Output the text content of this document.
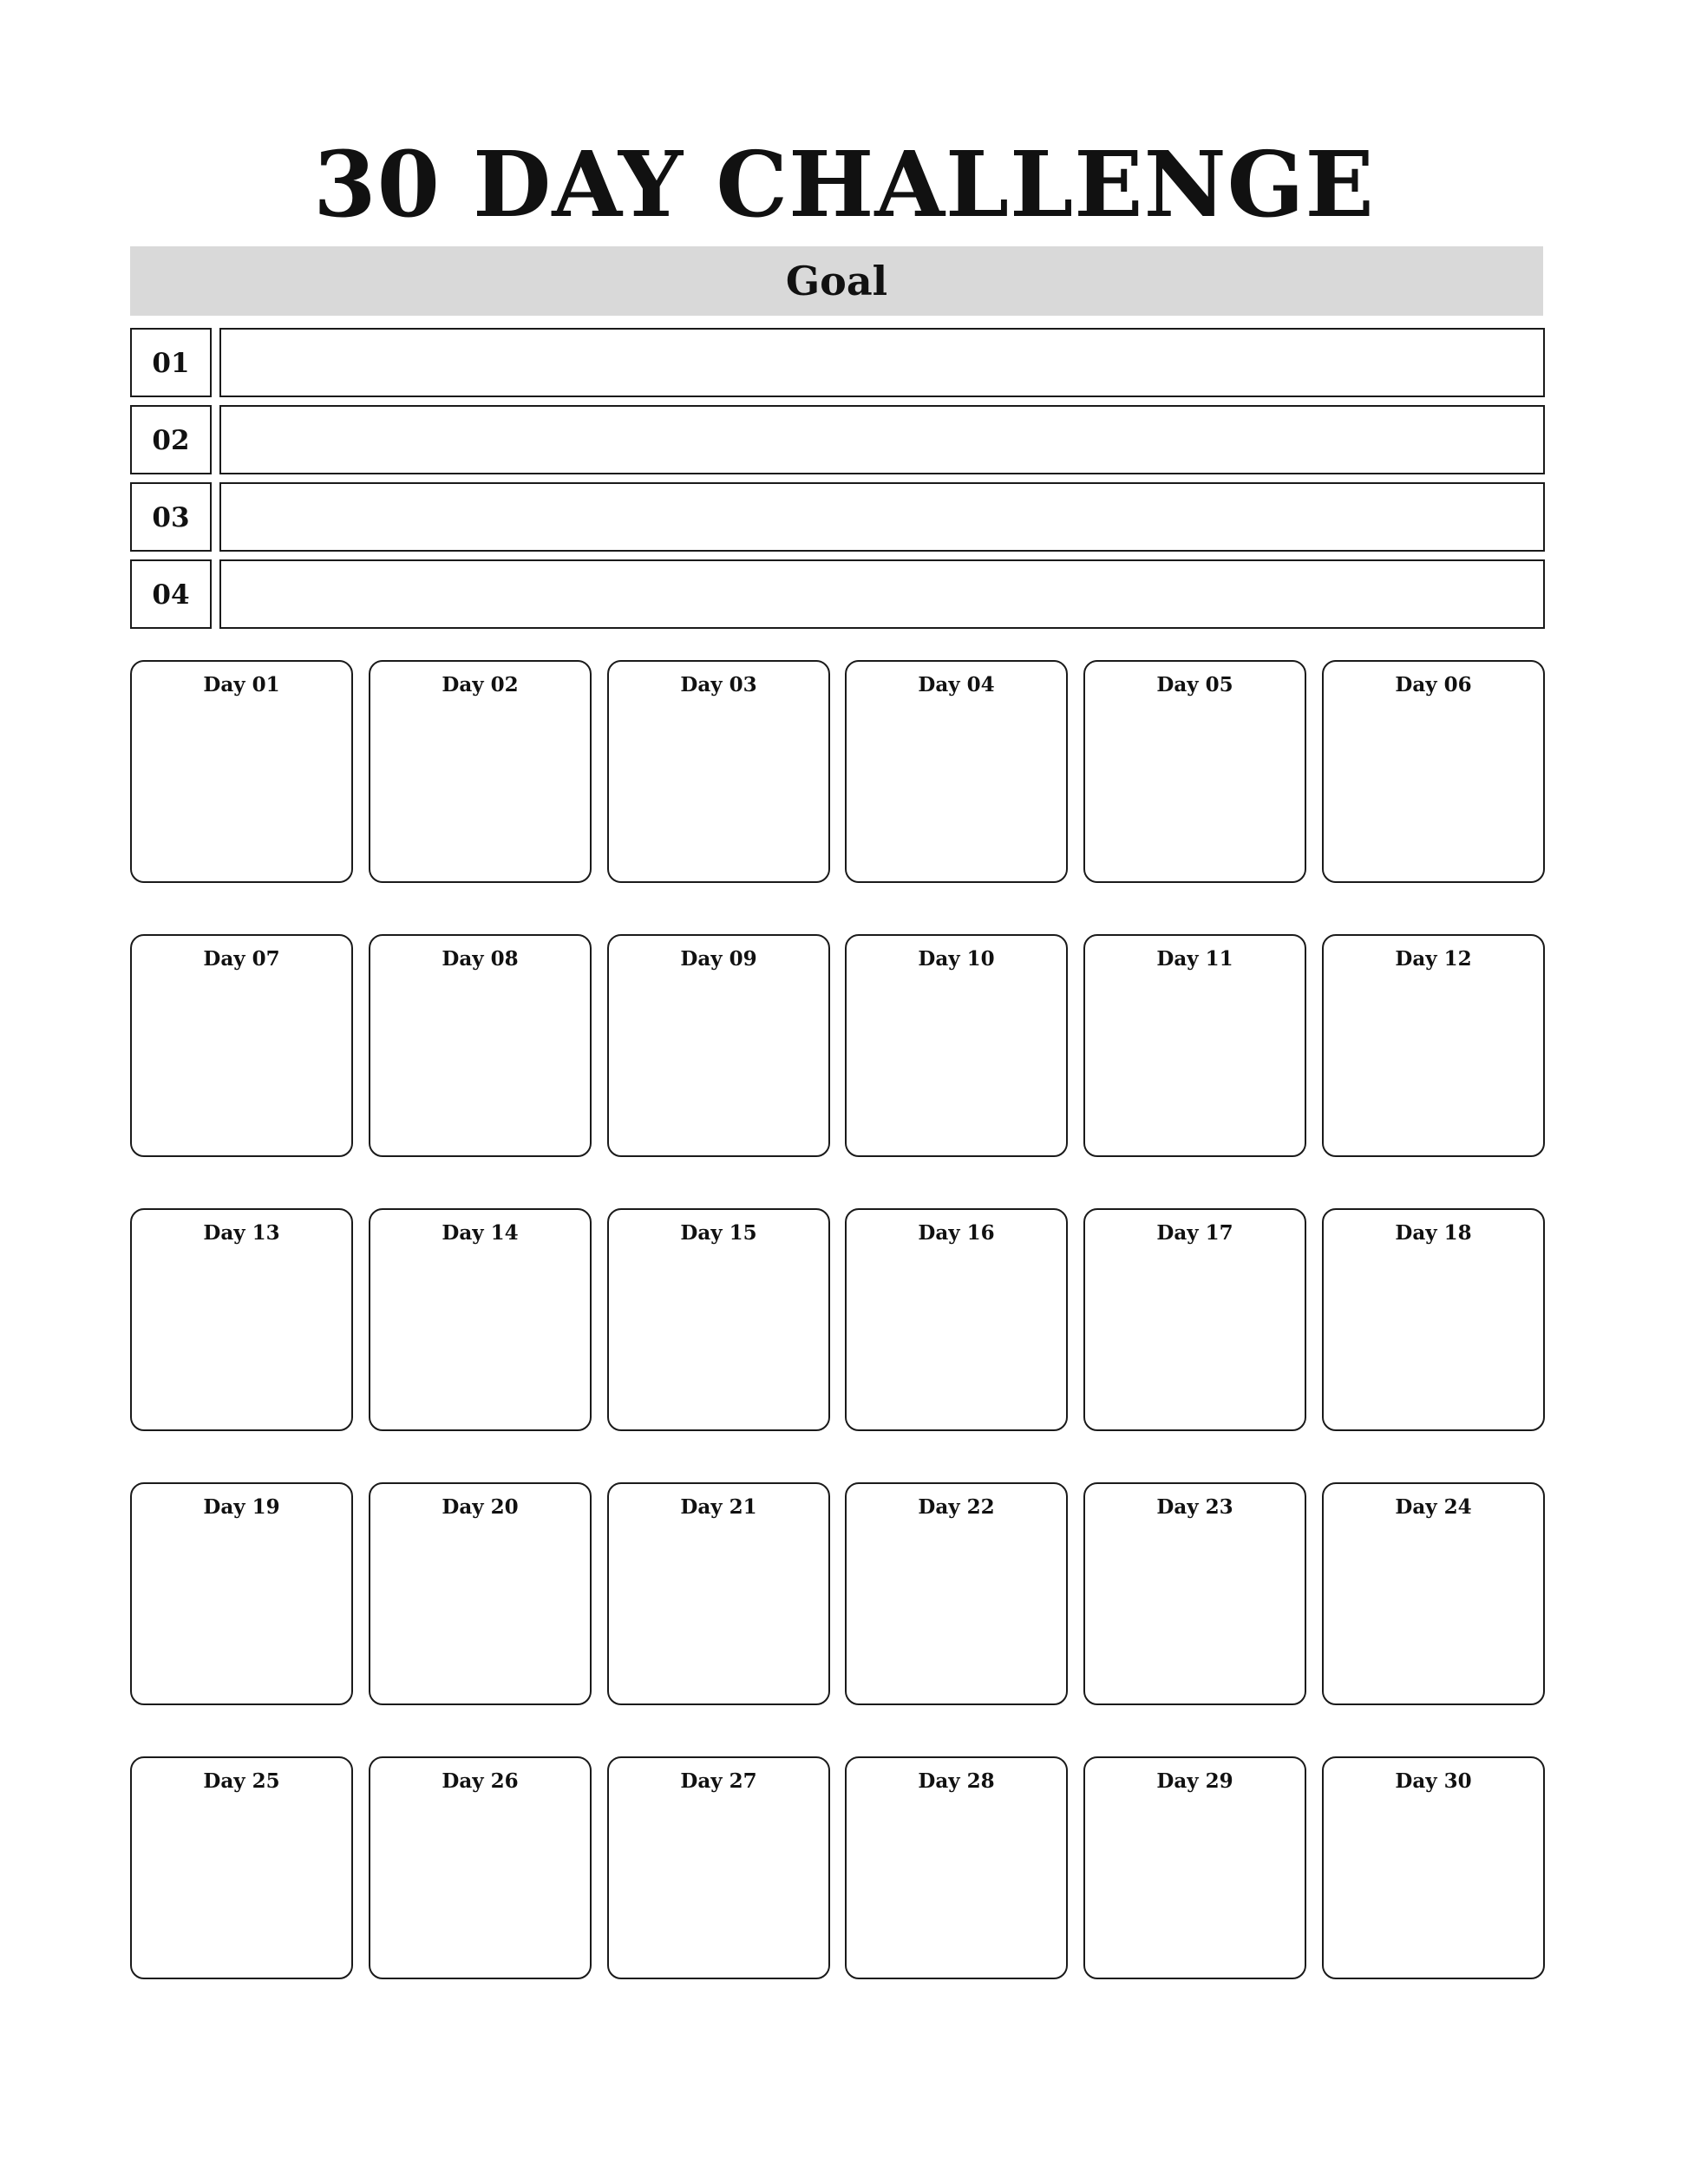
30 DAY CHALLENGE
Goal
01
02
03
04
Day 01	Day 02	Day 03	Day 04	Day 05	Day 06
Day 07	Day 08	Day 09	Day 10	Day 11	Day 12
Day 13	Day 14	Day 15	Day 16	Day 17	Day 18
Day 19	Day 20	Day 21	Day 22	Day 23	Day 24
Day 25	Day 26	Day 27	Day 28	Day 29	Day 30
